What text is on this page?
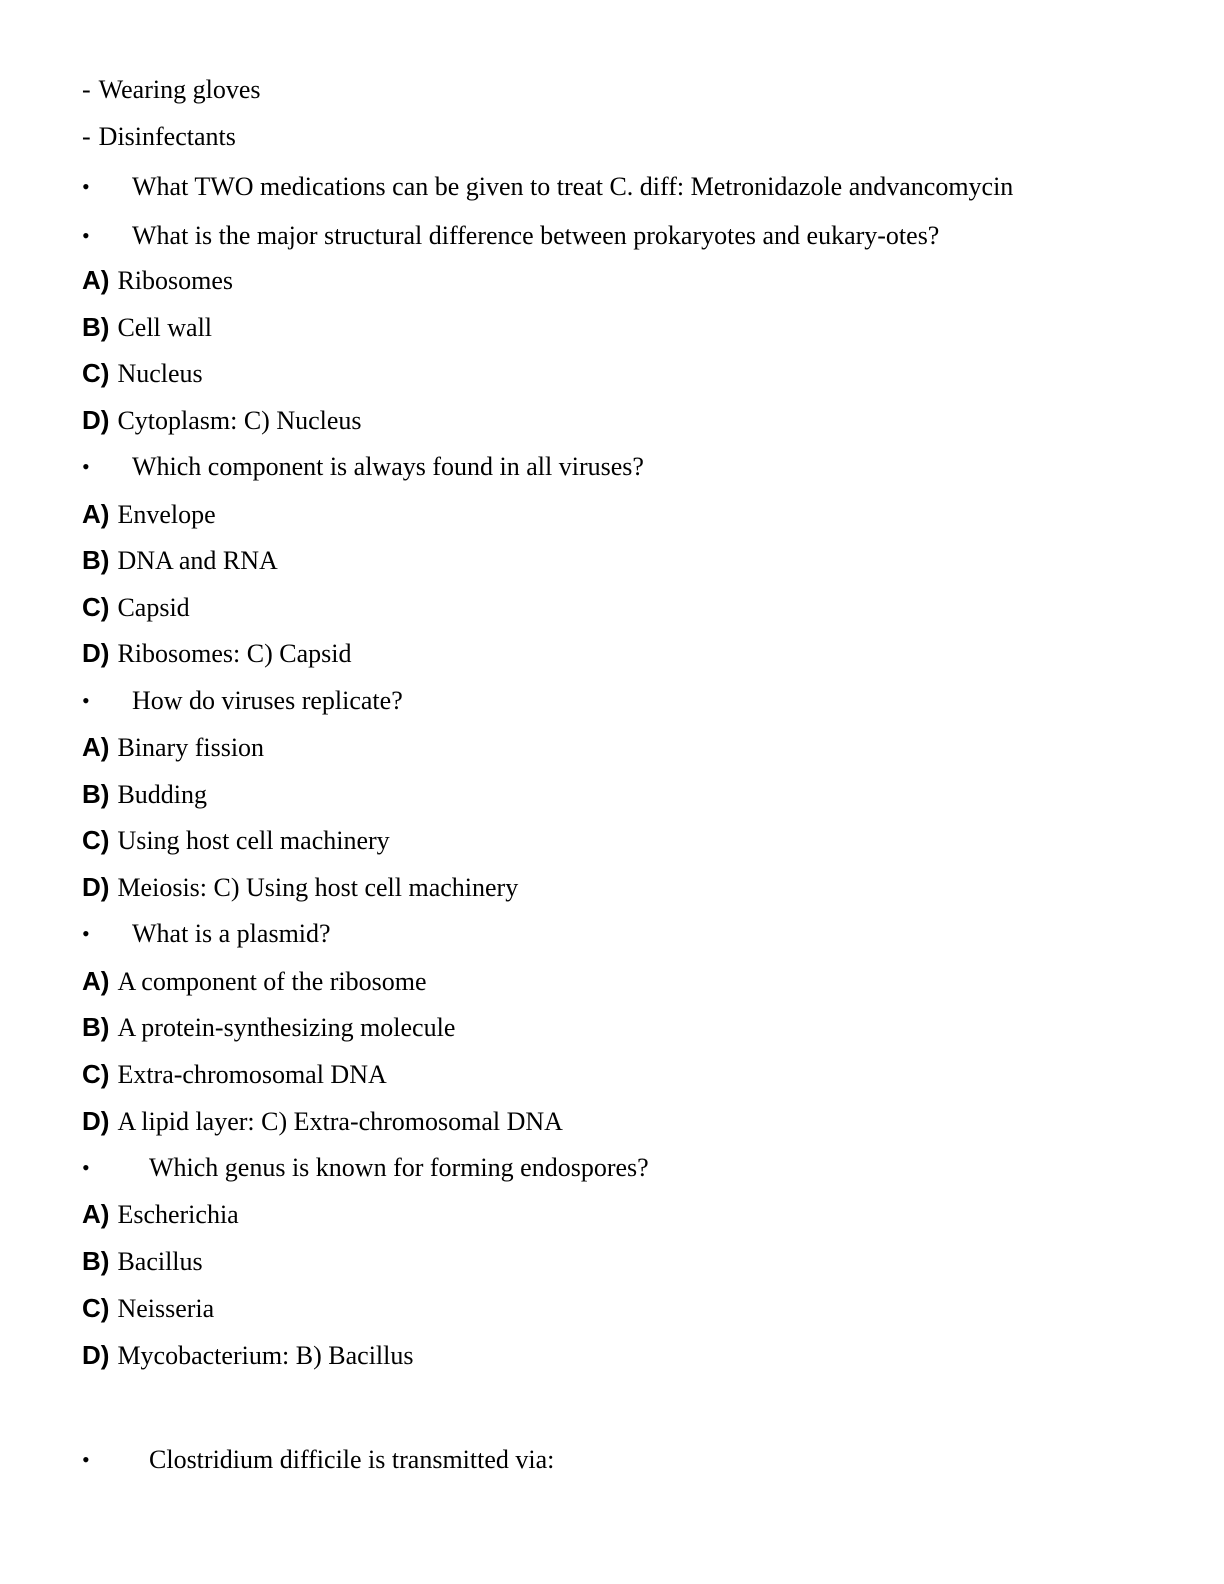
- Wearing gloves
- Disinfectants
• What TWO medications can be given to treat C. diff: Metronidazole andvancomycin
• What is the major structural difference between prokaryotes and eukary-otes?
A) Ribosomes
B) Cell wall
C) Nucleus
D) Cytoplasm: C) Nucleus
• Which component is always found in all viruses?
A) Envelope
B) DNA and RNA
C) Capsid
D) Ribosomes: C) Capsid
• How do viruses replicate?
A) Binary fission
B) Budding
C) Using host cell machinery
D) Meiosis: C) Using host cell machinery
• What is a plasmid?
A) A component of the ribosome
B) A protein-synthesizing molecule
C) Extra-chromosomal DNA
D) A lipid layer: C) Extra-chromosomal DNA
• Which genus is known for forming endospores?
A) Escherichia
B) Bacillus
C) Neisseria
D) Mycobacterium: B) Bacillus
• Clostridium difficile is transmitted via:
